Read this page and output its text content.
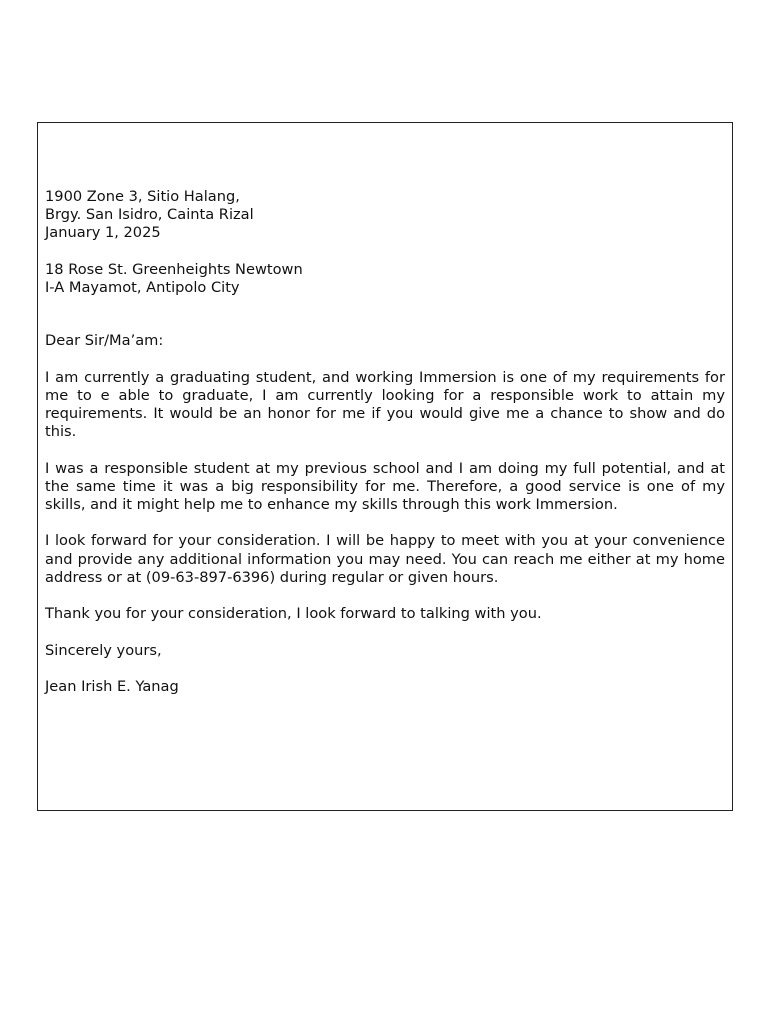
1900 Zone 3, Sitio Halang,
Brgy. San Isidro, Cainta Rizal
January 1, 2025
18 Rose St. Greenheights Newtown
I-A Mayamot, Antipolo City
Dear Sir/Ma’am:

I am currently a graduating student, and working Immersion is one of my requirements for me to e able to graduate, I am currently looking for a responsible work to attain my requirements. It would be an honor for me if you would give me a chance to show and do this.

I was a responsible student at my previous school and I am doing my full potential, and at the same time it was a big responsibility for me. Therefore, a good service is one of my skills, and it might help me to enhance my skills through this work Immersion.

I look forward for your consideration. I will be happy to meet with you at your convenience and provide any additional information you may need. You can reach me either at my home address or at (09-63-897-6396) during regular or given hours.

Thank you for your consideration, I look forward to talking with you.

Sincerely yours,
Jean Irish E. Yanag
